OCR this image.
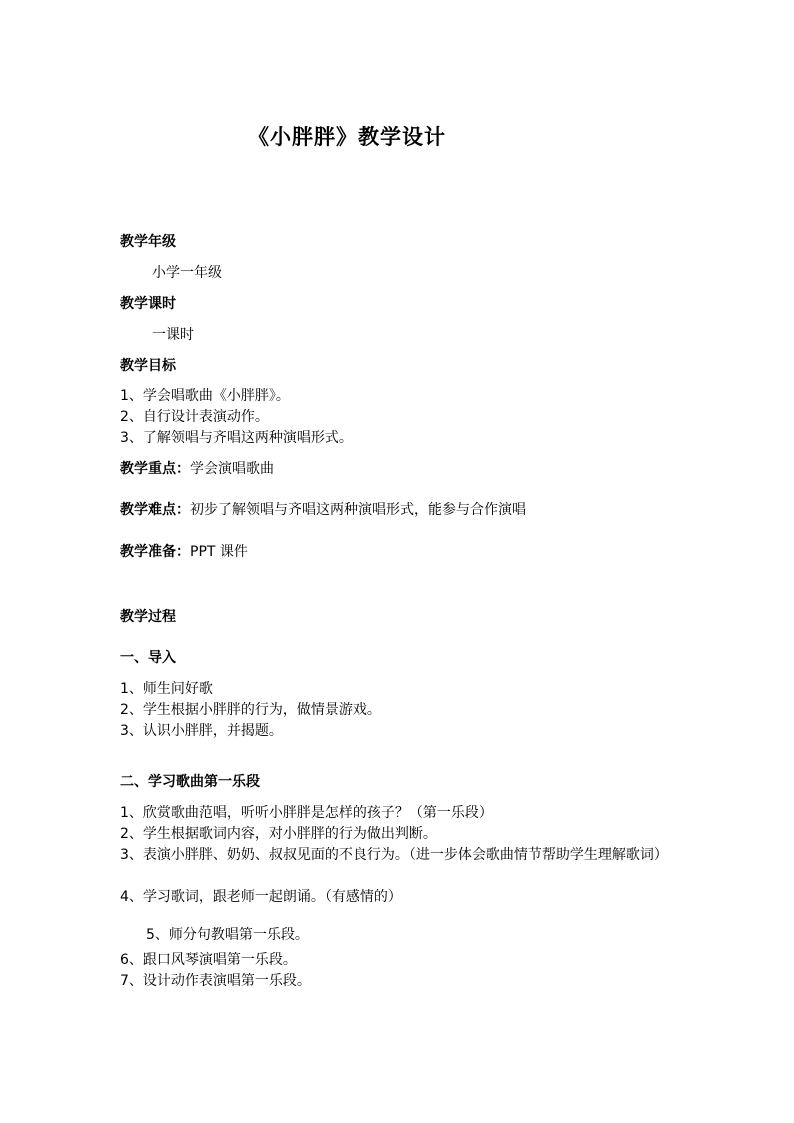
《小胖胖》教学设计
教学年级
小学一年级
教学课时
一课时
教学目标
1、学会唱歌曲《小胖胖》。
2、自行设计表演动作。
3、了解领唱与齐唱这两种演唱形式。
教学重点：学会演唱歌曲
教学难点：初步了解领唱与齐唱这两种演唱形式，能参与合作演唱
教学准备：PPT 课件
教学过程
一、导入
1、师生问好歌
2、学生根据小胖胖的行为，做情景游戏。
3、认识小胖胖，并揭题。
二、学习歌曲第一乐段
1、欣赏歌曲范唱，听听小胖胖是怎样的孩子？（第一乐段）
2、学生根据歌词内容，对小胖胖的行为做出判断。
3、表演小胖胖、奶奶、叔叔见面的不良行为。（进一步体会歌曲情节帮助学生理解歌词）
4、学习歌词，跟老师一起朗诵。（有感情的）
5、师分句教唱第一乐段。
6、跟口风琴演唱第一乐段。
7、设计动作表演唱第一乐段。
